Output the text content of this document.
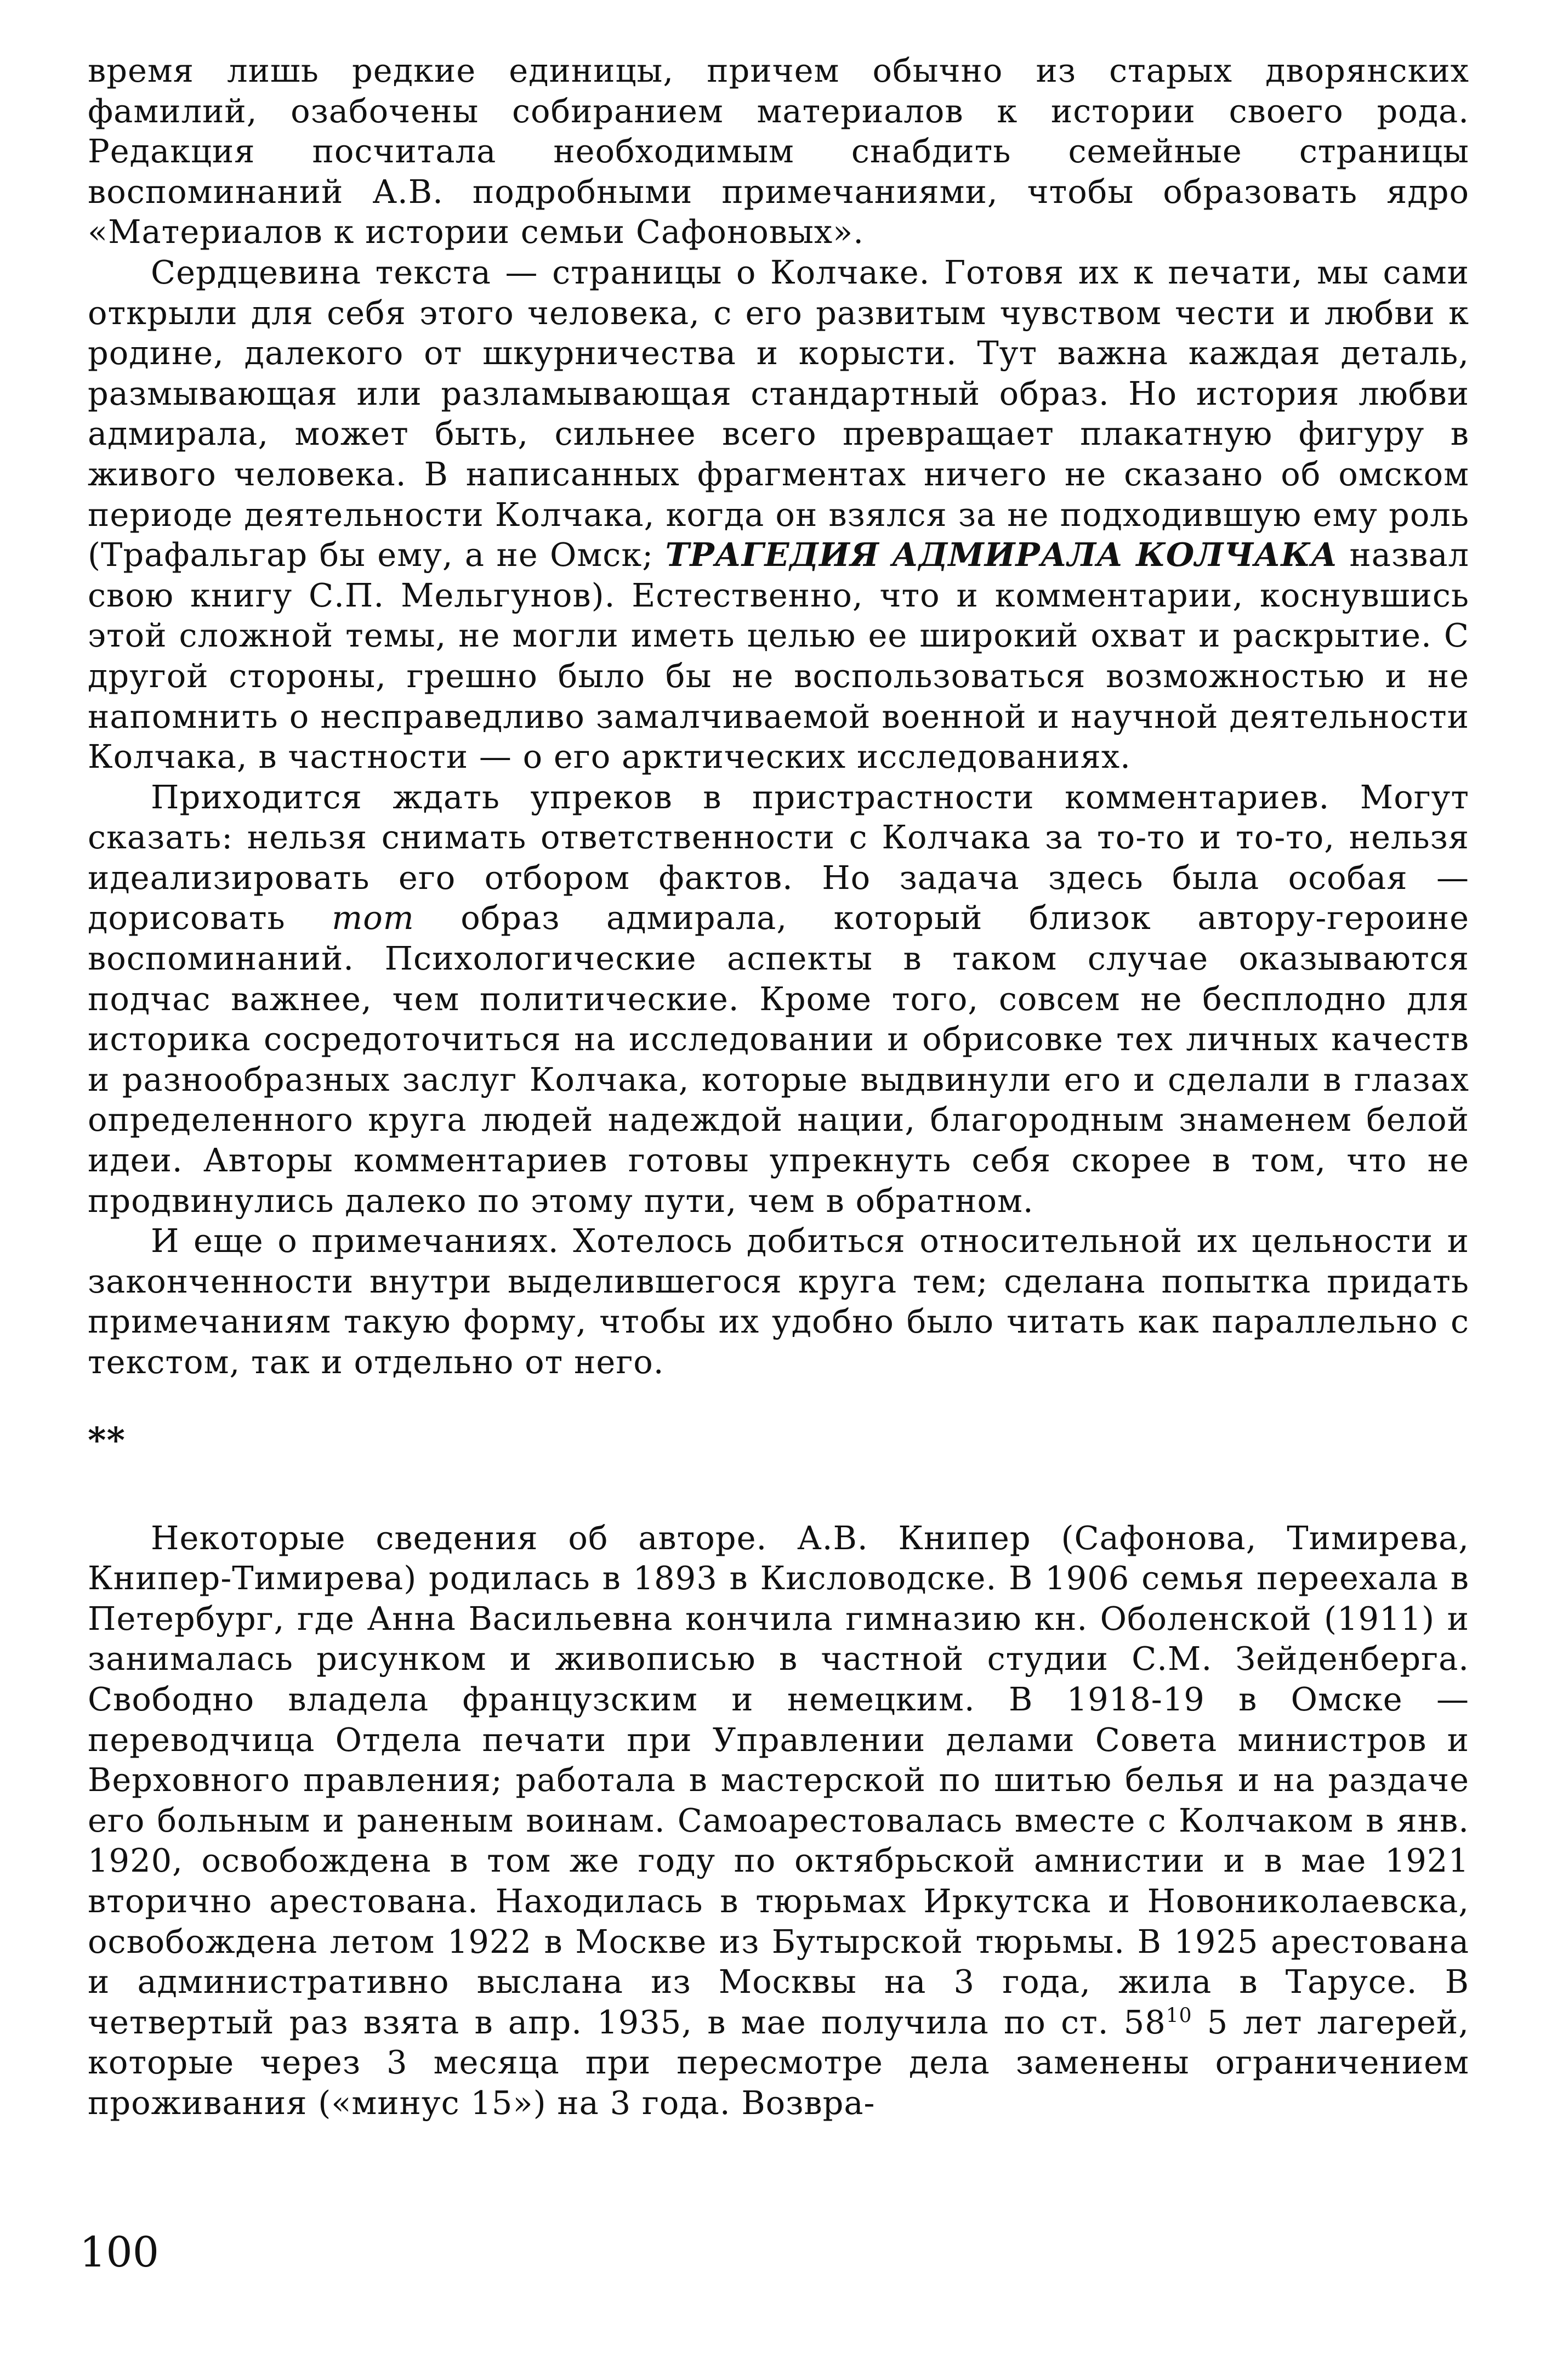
время лишь редкие единицы, причем обычно из старых дворянских фамилий, озабочены собиранием материалов к истории своего рода. Редакция посчитала необходимым снабдить семейные страницы воспоминаний А.В. подробными примечаниями, чтобы образовать ядро «Материалов к истории семьи Сафоновых».

Сердцевина текста — страницы о Колчаке. Готовя их к печати, мы сами открыли для себя этого человека, с его развитым чувством чести и любви к родине, далекого от шкурничества и корысти. Тут важна каждая деталь, размывающая или разламывающая стандартный образ. Но история любви адмирала, может быть, сильнее всего превращает плакатную фигуру в живого человека. В написанных фрагментах ничего не сказано об омском периоде деятельности Колчака, когда он взялся за не подходившую ему роль (Трафальгар бы ему, а не Омск; ТРАГЕДИЯ АДМИРАЛА КОЛЧАКА назвал свою книгу С.П. Мельгунов). Естественно, что и комментарии, коснувшись этой сложной темы, не могли иметь целью ее широкий охват и раскрытие. С другой стороны, грешно было бы не воспользоваться возможностью и не напомнить о несправедливо замалчиваемой военной и научной деятельности Колчака, в частности — о его арктических исследованиях.

Приходится ждать упреков в пристрастности комментариев. Могут сказать: нельзя снимать ответственности с Колчака за то-то и то-то, нельзя идеализировать его отбором фактов. Но задача здесь была особая — дорисовать тот образ адмирала, который близок автору-героине воспоминаний. Психологические аспекты в таком случае оказываются подчас важнее, чем политические. Кроме того, совсем не бесплодно для историка сосредоточиться на исследовании и обрисовке тех личных качеств и разнообразных заслуг Колчака, которые выдвинули его и сделали в глазах определенного круга людей надеждой нации, благородным знаменем белой идеи. Авторы комментариев готовы упрекнуть себя скорее в том, что не продвинулись далеко по этому пути, чем в обратном.

И еще о примечаниях. Хотелось добиться относительной их цельности и законченности внутри выделившегося круга тем; сделана попытка придать примечаниям такую форму, чтобы их удобно было читать как параллельно с текстом, так и отдельно от него.

**

Некоторые сведения об авторе. А.В. Книпер (Сафонова, Тимирева, Книпер-Тимирева) родилась в 1893 в Кисловодске. В 1906 семья переехала в Петербург, где Анна Васильевна кончила гимназию кн. Оболенской (1911) и занималась рисунком и живописью в частной студии С.М. Зейденберга. Свободно владела французским и немецким. В 1918-19 в Омске — переводчица Отдела печати при Управлении делами Совета министров и Верховного правления; работала в мастерской по шитью белья и на раздаче его больным и раненым воинам. Самоарестовалась вместе с Колчаком в янв. 1920, освобождена в том же году по октябрьской амнистии и в мае 1921 вторично арестована. Находилась в тюрьмах Иркутска и Новониколаевска, освобождена летом 1922 в Москве из Бутырской тюрьмы. В 1925 арестована и административно выслана из Москвы на 3 года, жила в Тарусе. В четвертый раз взята в апр. 1935, в мае получила по ст. $58^{10}$ 5 лет лагерей, которые через 3 месяца при пересмотре дела заменены ограничением проживания («минус 15») на 3 года. Возвра-

100
